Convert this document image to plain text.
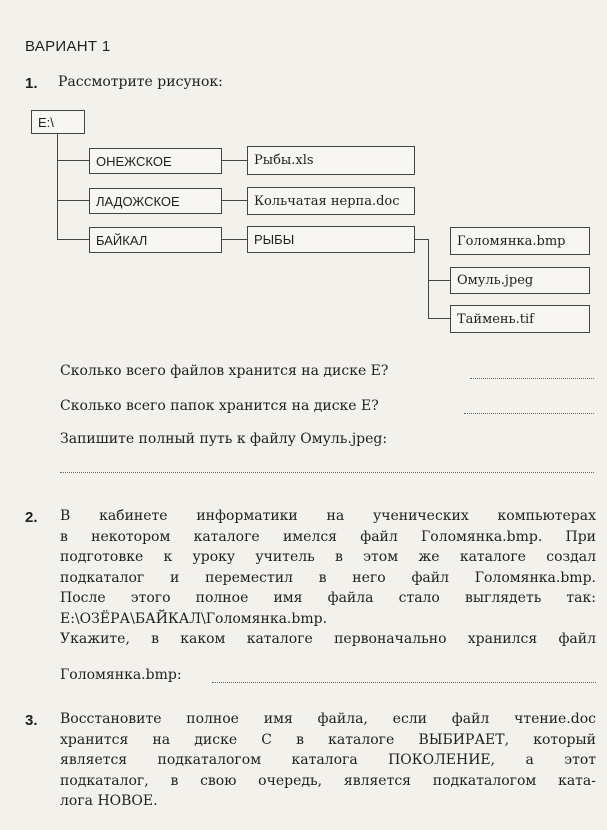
ВАРИАНТ 1
1. Рассмотрите рисунок:
E:\
ОНЕЖСКОЕ
ЛАДОЖСКОЕ
БАЙКАЛ
Рыбы.xls
Кольчатая нерпа.doc
РЫБЫ	Голомянка.bmp
Омуль.jpeg
Таймень.tif
Сколько всего файлов хранится на диске E?
Сколько всего папок хранится на диске E?
Запишите полный путь к файлу Омуль.jpeg:
2. В кабинете информатики на ученических компьютерах
в некотором каталоге имелся файл Голомянка.bmp. При
подготовке к уроку учитель в этом же каталоге создал
подкаталог и переместил в него файл Голомянка.bmp.
После этого полное имя файла стало выглядеть так:
E:\ОЗЁРА\БАЙКАЛ\Голомянка.bmp.
Укажите, в каком каталоге первоначально хранился файл
Голомянка.bmp:
3. Восстановите полное имя файла, если файл чтение.doc
хранится на диске С в каталоге ВЫБИРАЕТ, который
является подкаталогом каталога ПОКОЛЕНИЕ, а этот
подкаталог, в свою очередь, является подкаталогом ката-
лога НОВОЕ.
